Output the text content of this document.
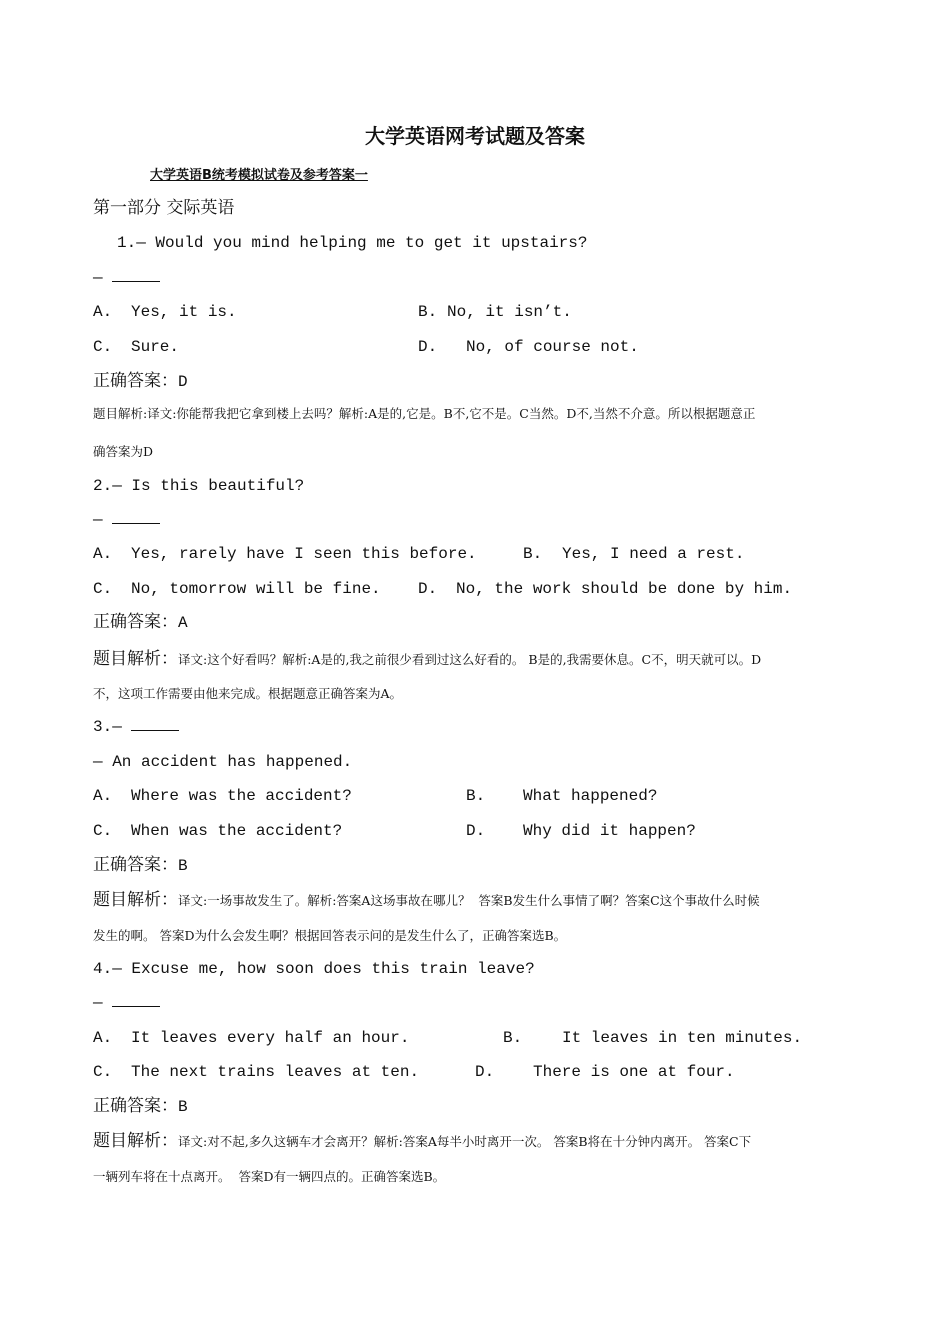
大学英语网考试题及答案
大学英语B统考模拟试卷及参考答案一
第一部分 交际英语
1.— Would you mind helping me to get it upstairs?
—
A. Yes, it is.	B. No, it isn’t.
C. Sure.	D. No, of course not.
正确答案：D
题目解析:译文:你能帮我把它拿到楼上去吗？解析:A是的,它是。B不,它不是。C当然。D不,当然不介意。所以根据题意正
确答案为D
2.— Is this beautiful?
—
A. Yes, rarely have I seen this before.	B. Yes, I need a rest.
C. No, tomorrow will be fine. D. No, the work should be done by him.
正确答案：A
题目解析：译文:这个好看吗？解析:A是的,我之前很少看到过这么好看的。 B是的,我需要休息。C不，明天就可以。D
不，这项工作需要由他来完成。根据题意正确答案为A。
3.—
— An accident has happened.
A. Where was the accident?	B. What happened?
C. When was the accident?	D. Why did it happen?
正确答案：B
题目解析：译文:一场事故发生了。解析:答案A这场事故在哪儿？  答案B发生什么事情了啊？答案C这个事故什么时候
发生的啊。 答案D为什么会发生啊？根据回答表示问的是发生什么了，正确答案选B。
4.— Excuse me, how soon does this train leave?
—
A. It leaves every half an hour.	B. It leaves in ten minutes.
C. The next trains leaves at ten.	D. There is one at four.
正确答案：B
题目解析：译文:对不起,多久这辆车才会离开？解析:答案A每半小时离开一次。 答案B将在十分钟内离开。 答案C下
一辆列车将在十点离开。  答案D有一辆四点的。正确答案选B。
